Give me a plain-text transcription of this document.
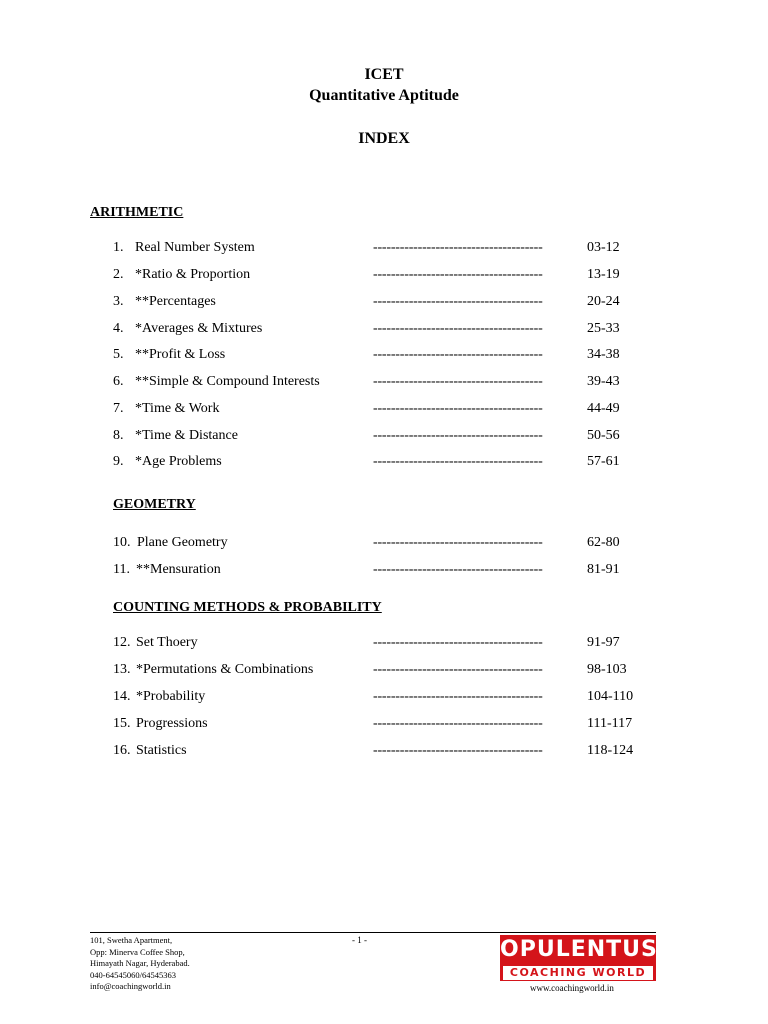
ICET
Quantitative Aptitude
INDEX
ARITHMETIC
1. Real Number System	--------------------------------------	03-12
2. *Ratio & Proportion	--------------------------------------	13-19
3. **Percentages	--------------------------------------	20-24
4. *Averages & Mixtures	--------------------------------------	25-33
5. **Profit & Loss	--------------------------------------	34-38
6. **Simple & Compound Interests	--------------------------------------	39-43
7. *Time & Work	--------------------------------------	44-49
8. *Time & Distance	--------------------------------------	50-56
9. *Age Problems	--------------------------------------	57-61
GEOMETRY
10. Plane Geometry	--------------------------------------	62-80
11. **Mensuration	--------------------------------------	81-91
COUNTING METHODS & PROBABILITY
12. Set Thoery	--------------------------------------	91-97
13. *Permutations & Combinations	--------------------------------------	98-103
14. *Probability	--------------------------------------	104-110
15. Progressions	--------------------------------------	111-117
16. Statistics	--------------------------------------	118-124
101, Swetha Apartment,
Opp: Minerva Coffee Shop,
Himayath Nagar, Hyderabad.
040-64545060/64545363
info@coachingworld.in
- 1 -	OPULENTUS
COACHING WORLD
www.coachingworld.in
